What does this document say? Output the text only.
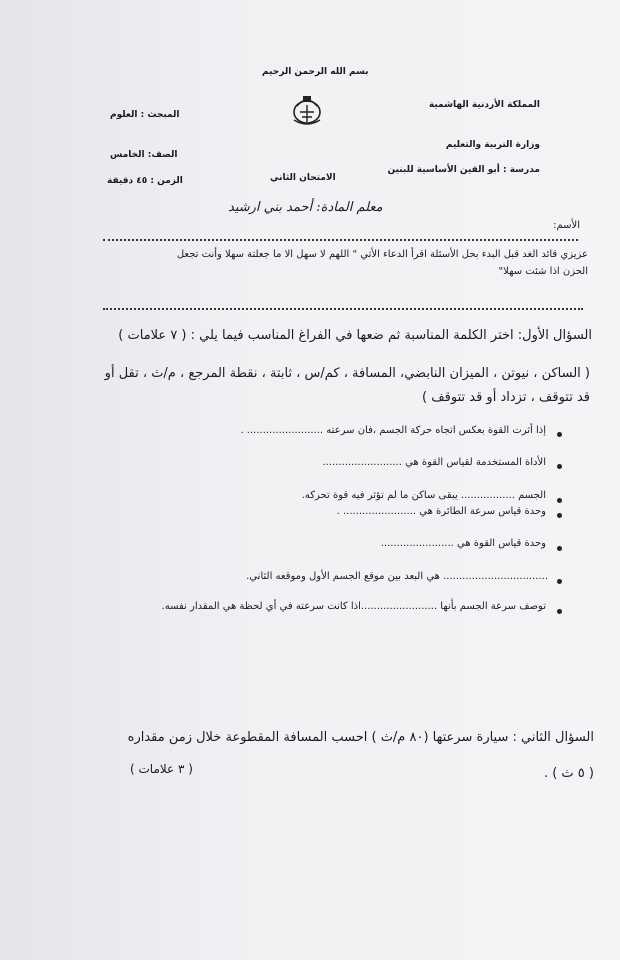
بسم الله الرحمن الرحيم
المملكة الأردنية الهاشمية
وزارة التربية والتعليم
مدرسة : أبو القين الأساسية للبنين
المبحث : العلوم
الصف: الخامس
الامتحان الثاني
الزمن : ٤٥ دقيقة
معلم المادة: أحمد بني ارشيد
الأسم:
عزيزي قائد الغد قبل البدء بحل الأسئلة اقرأ الدعاء الأتي " اللهم لا سهل الا ما جعلتة سهلا وأنت تجعل
الحزن اذا شئت سهلا"
السؤال الأول: اختر الكلمة المناسبة ثم ضعها في الفراغ المناسب فيما يلي : ( ٧ علامات )
( الساكن ، نيوتن ، الميزان النابضي، المسافة ، كم/س ، ثابتة ، نقطة المرجع ، م/ث ، تقل أو
قد تتوقف ، تزداد أو قد تتوقف )
إذا أثرت القوة بعكس اتجاه حركة الجسم ،فان سرعته ........................ .
الأداة المستخدمة لقياس القوة هي .........................
الجسم ................. يبقى ساكن ما لم تؤثر فيه قوة تحركه.
وحدة قياس سرعة الطائرة هي ....................... .
وحدة قياس القوة هي .......................
................................. هي البعد بين موقع الجسم الأول وموقعه الثاني.
توصف سرعة الجسم بأنها ........................اذا كانت سرعته في أي لحظة هي المقدار نفسه.
السؤال الثاني : سيارة سرعتها (٨٠ م/ث ) احسب المسافة المقطوعة خلال زمن مقداره
( ٥ ث ) .
( ٣ علامات )
